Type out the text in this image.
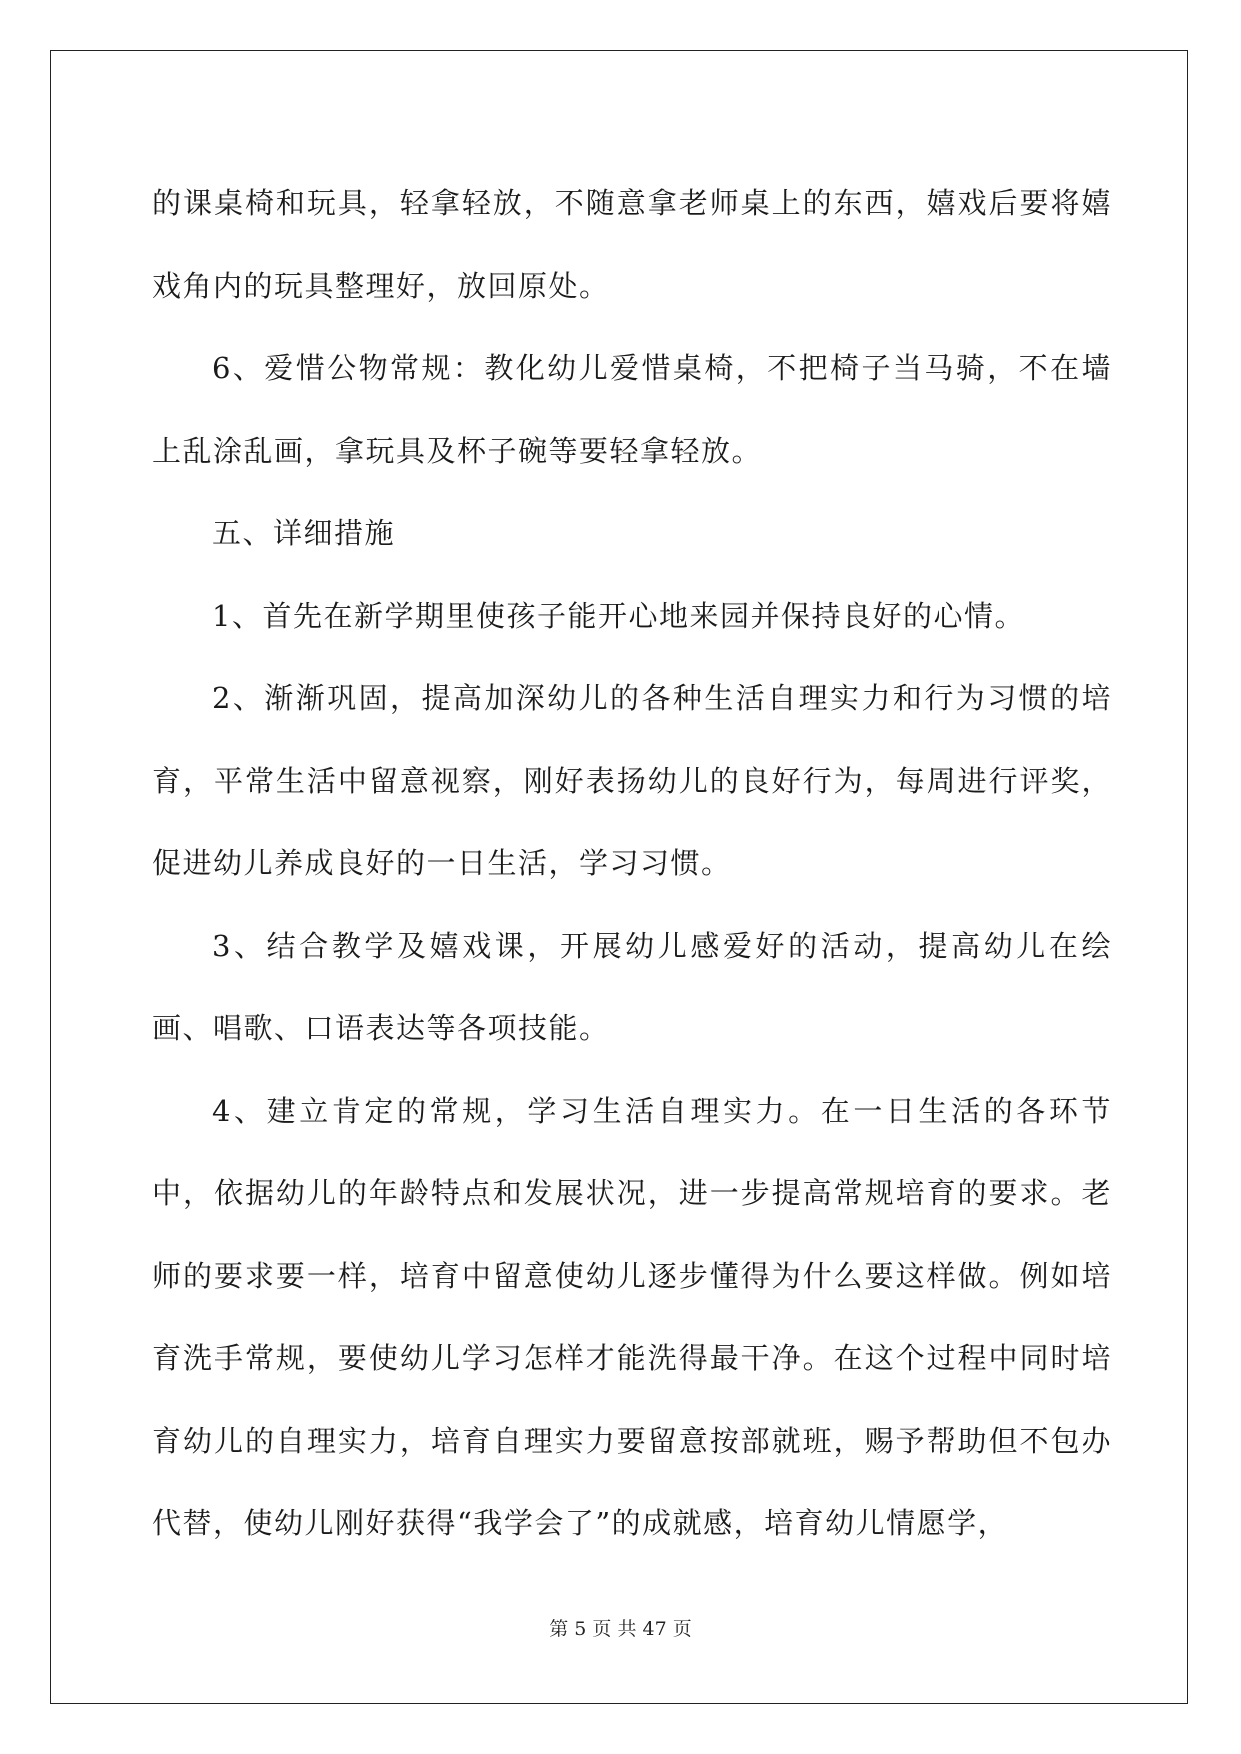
的课桌椅和玩具，轻拿轻放，不随意拿老师桌上的东西，嬉戏后要将嬉戏角内的玩具整理好，放回原处。

6、爱惜公物常规：教化幼儿爱惜桌椅，不把椅子当马骑，不在墙上乱涂乱画，拿玩具及杯子碗等要轻拿轻放。

五、详细措施

1、首先在新学期里使孩子能开心地来园并保持良好的心情。

2、渐渐巩固，提高加深幼儿的各种生活自理实力和行为习惯的培育，平常生活中留意视察，刚好表扬幼儿的良好行为，每周进行评奖，促进幼儿养成良好的一日生活，学习习惯。

3、结合教学及嬉戏课，开展幼儿感爱好的活动，提高幼儿在绘画、唱歌、口语表达等各项技能。

4、建立肯定的常规，学习生活自理实力。在一日生活的各环节中，依据幼儿的年龄特点和发展状况，进一步提高常规培育的要求。老师的要求要一样，培育中留意使幼儿逐步懂得为什么要这样做。例如培育洗手常规，要使幼儿学习怎样才能洗得最干净。在这个过程中同时培育幼儿的自理实力，培育自理实力要留意按部就班，赐予帮助但不包办代替，使幼儿刚好获得“我学会了”的成就感，培育幼儿情愿学，

第 5 页 共 47 页
